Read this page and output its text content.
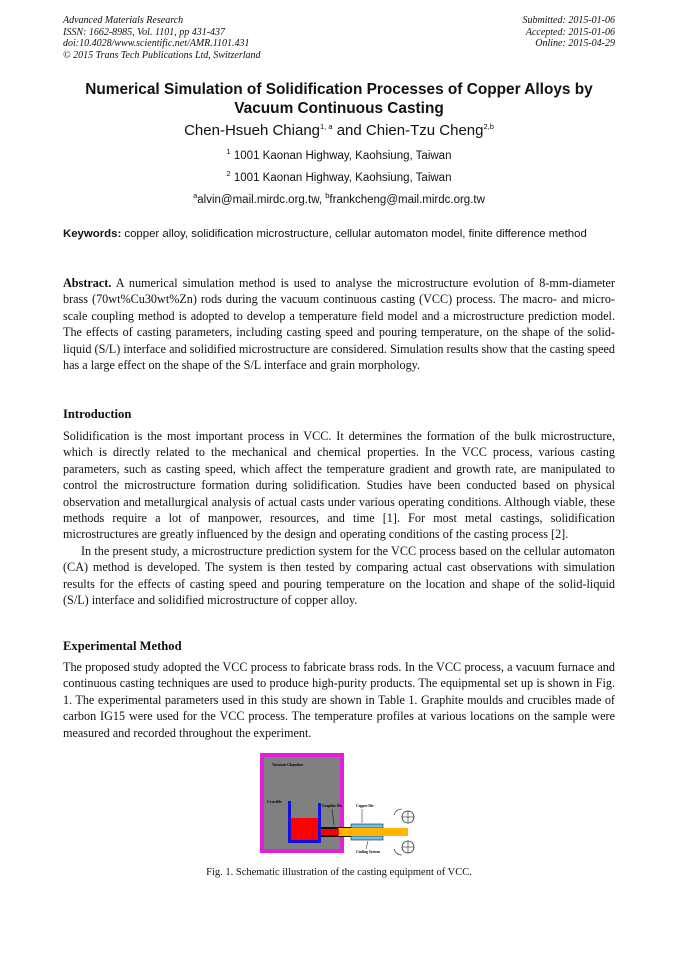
Advanced Materials Research
ISSN: 1662-8985, Vol. 1101, pp 431-437
doi:10.4028/www.scientific.net/AMR.1101.431
© 2015 Trans Tech Publications Ltd, Switzerland
Submitted: 2015-01-06
Accepted: 2015-01-06
Online: 2015-04-29
Numerical Simulation of Solidification Processes of Copper Alloys by
Vacuum Continuous Casting
Chen-Hsueh Chiang$^{1, a}$ and Chien-Tzu Cheng$^{2,b}$
$^1$ 1001 Kaonan Highway, Kaohsiung, Taiwan
$^2$ 1001 Kaonan Highway, Kaohsiung, Taiwan
$^a$alvin@mail.mirdc.org.tw, $^b$frankcheng@mail.mirdc.org.tw
Keywords: copper alloy, solidification microstructure, cellular automaton model, finite difference method

Abstract. A numerical simulation method is used to analyse the microstructure evolution of 8-mm-diameter brass (70wt%Cu30wt%Zn) rods during the vacuum continuous casting (VCC) process. The macro- and micro-scale coupling method is adopted to develop a temperature field model and a microstructure prediction model. The effects of casting parameters, including casting speed and pouring temperature, on the shape of the solid-liquid (S/L) interface and solidified microstructure are considered. Simulation results show that the casting speed has a large effect on the shape of the S/L interface and grain morphology.

Introduction

Solidification is the most important process in VCC. It determines the formation of the bulk microstructure, which is directly related to the mechanical and chemical properties. In the VCC process, various casting parameters, such as casting speed, which affect the temperature gradient and growth rate, are manipulated to control the microstructure formation during solidification. Studies have been conducted based on physical observation and metallurgical analysis of actual casts under various operating conditions. Although viable, these methods require a lot of manpower, resources, and time [1]. For most metal castings, solidification microstructures are greatly influenced by the design and operating conditions of the casting process [2].

In the present study, a microstructure prediction system for the VCC process based on the cellular automaton (CA) method is developed. The system is then tested by comparing actual cast observations with simulation results for the effects of casting speed and pouring temperature on the location and shape of the solid-liquid (S/L) interface and solidified microstructure of copper alloy.

Experimental Method

The proposed study adopted the VCC process to fabricate brass rods. In the VCC process, a vacuum furnace and continuous casting techniques are used to produce high-purity products. The equipmental set up is shown in Fig. 1. The experimental parameters used in this study are shown in Table 1. Graphite moulds and crucibles made of carbon IG15 were used for the VCC process. The temperature profiles at various locations on the sample were measured and recorded throughout the experiment.

Vacuum Chamber
Crucible
Graphite Die	Copper Die
Cooling System
Fig. 1. Schematic illustration of the casting equipment of VCC.
